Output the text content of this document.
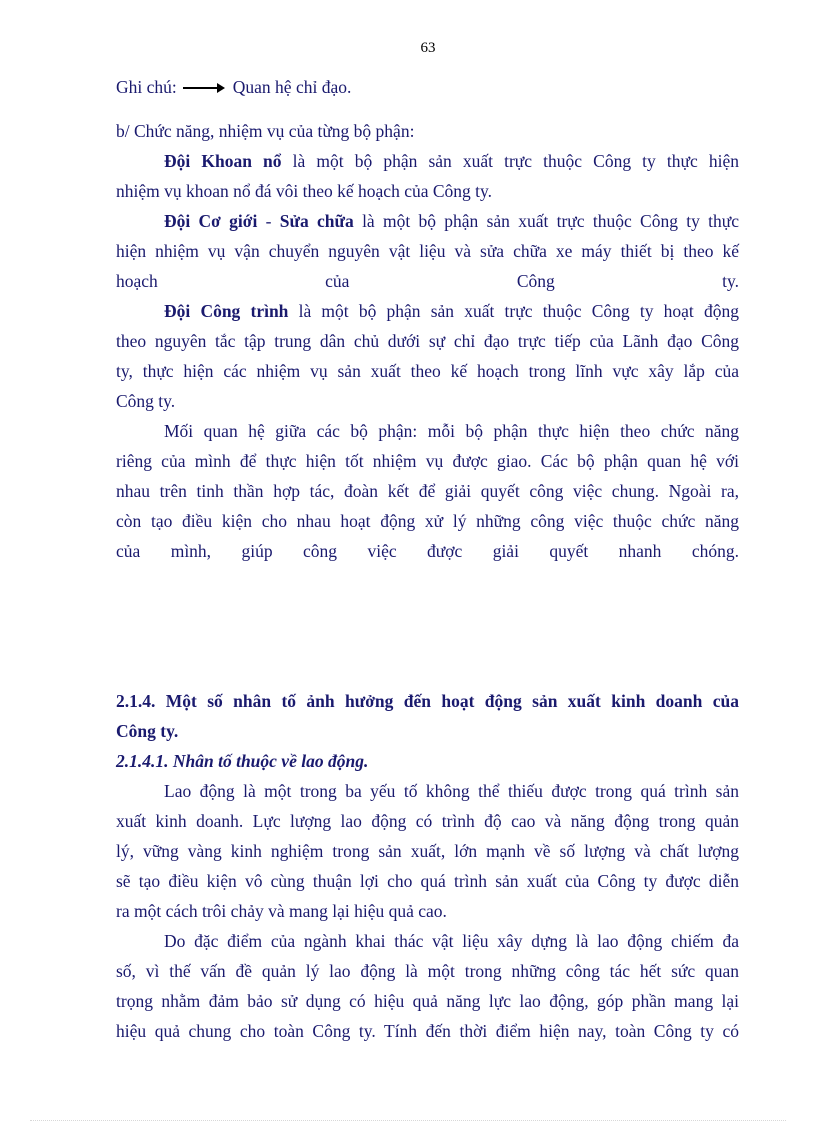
63
Ghi chú:	Quan hệ chỉ đạo.
b/ Chức năng, nhiệm vụ của từng bộ phận:
Đội Khoan nổ là một bộ phận sản xuất trực thuộc Công ty thực hiện
nhiệm vụ khoan nổ đá vôi theo kế hoạch của Công ty.
Đội Cơ giới - Sửa chữa là một bộ phận sản xuất trực thuộc Công ty thực
hiện nhiệm vụ vận chuyển nguyên vật liệu và sửa chữa xe máy thiết bị theo kế
hoạch của Công ty.
Đội Công trình là một bộ phận sản xuất trực thuộc Công ty hoạt động
theo nguyên tắc tập trung dân chủ dưới sự chỉ đạo trực tiếp của Lãnh đạo Công
ty, thực hiện các nhiệm vụ sản xuất theo kế hoạch trong lĩnh vực xây lắp của
Công ty.
Mối quan hệ giữa các bộ phận: mỗi bộ phận thực hiện theo chức năng
riêng của mình để thực hiện tốt nhiệm vụ được giao. Các bộ phận quan hệ với
nhau trên tinh thần hợp tác, đoàn kết để giải quyết công việc chung. Ngoài ra,
còn tạo điều kiện cho nhau hoạt động xử lý những công việc thuộc chức năng
của mình, giúp công việc được giải quyết nhanh chóng.
2.1.4. Một số nhân tố ảnh hưởng đến hoạt động sản xuất kinh doanh của
Công ty.
2.1.4.1. Nhân tố thuộc về lao động.
Lao động là một trong ba yếu tố không thể thiếu được trong quá trình sản
xuất kinh doanh. Lực lượng lao động có trình độ cao và năng động trong quản
lý, vững vàng kinh nghiệm trong sản xuất, lớn mạnh về số lượng và chất lượng
sẽ tạo điều kiện vô cùng thuận lợi cho quá trình sản xuất của Công ty được diễn
ra một cách trôi chảy và mang lại hiệu quả cao.
Do đặc điểm của ngành khai thác vật liệu xây dựng là lao động chiếm đa
số, vì thế vấn đề quản lý lao động là một trong những công tác hết sức quan
trọng nhằm đảm bảo sử dụng có hiệu quả năng lực lao động, góp phần mang lại
hiệu quả chung cho toàn Công ty. Tính đến thời điểm hiện nay, toàn Công ty có
